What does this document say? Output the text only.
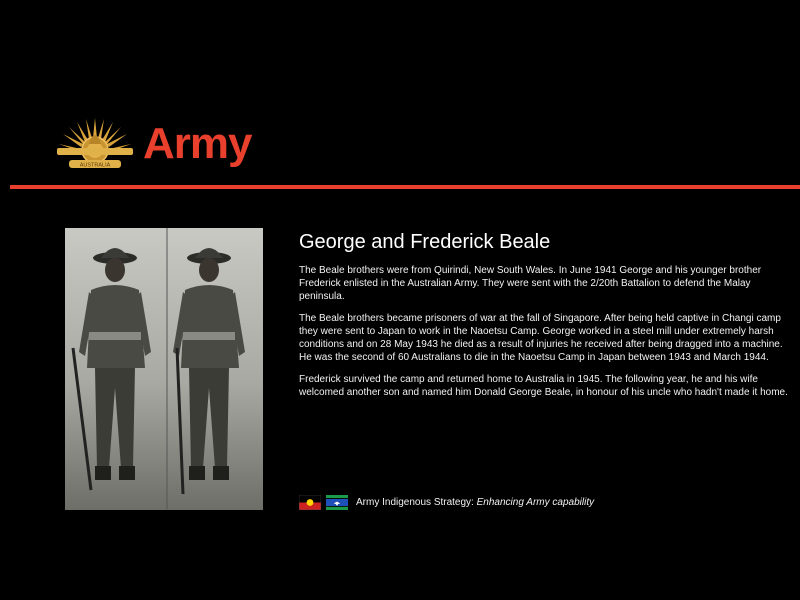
AUSTRALIA Army
George and Frederick Beale

The Beale brothers were from Quirindi, New South Wales. In June 1941 George and his younger brother Frederick enlisted in the Australian Army. They were sent with the 2/20th Battalion to defend the Malay peninsula.

The Beale brothers became prisoners of war at the fall of Singapore. After being held captive in Changi camp they were sent to Japan to work in the Naoetsu Camp. George worked in a steel mill under extremely harsh conditions and on 28 May 1943 he died as a result of injuries he received after being dragged into a machine. He was the second of 60 Australians to die in the Naoetsu Camp in Japan between 1943 and March 1944.

Frederick survived the camp and returned home to Australia in 1945. The following year, he and his wife welcomed another son and named him Donald George Beale, in honour of his uncle who hadn't made it home.

Army Indigenous Strategy: Enhancing Army capability
